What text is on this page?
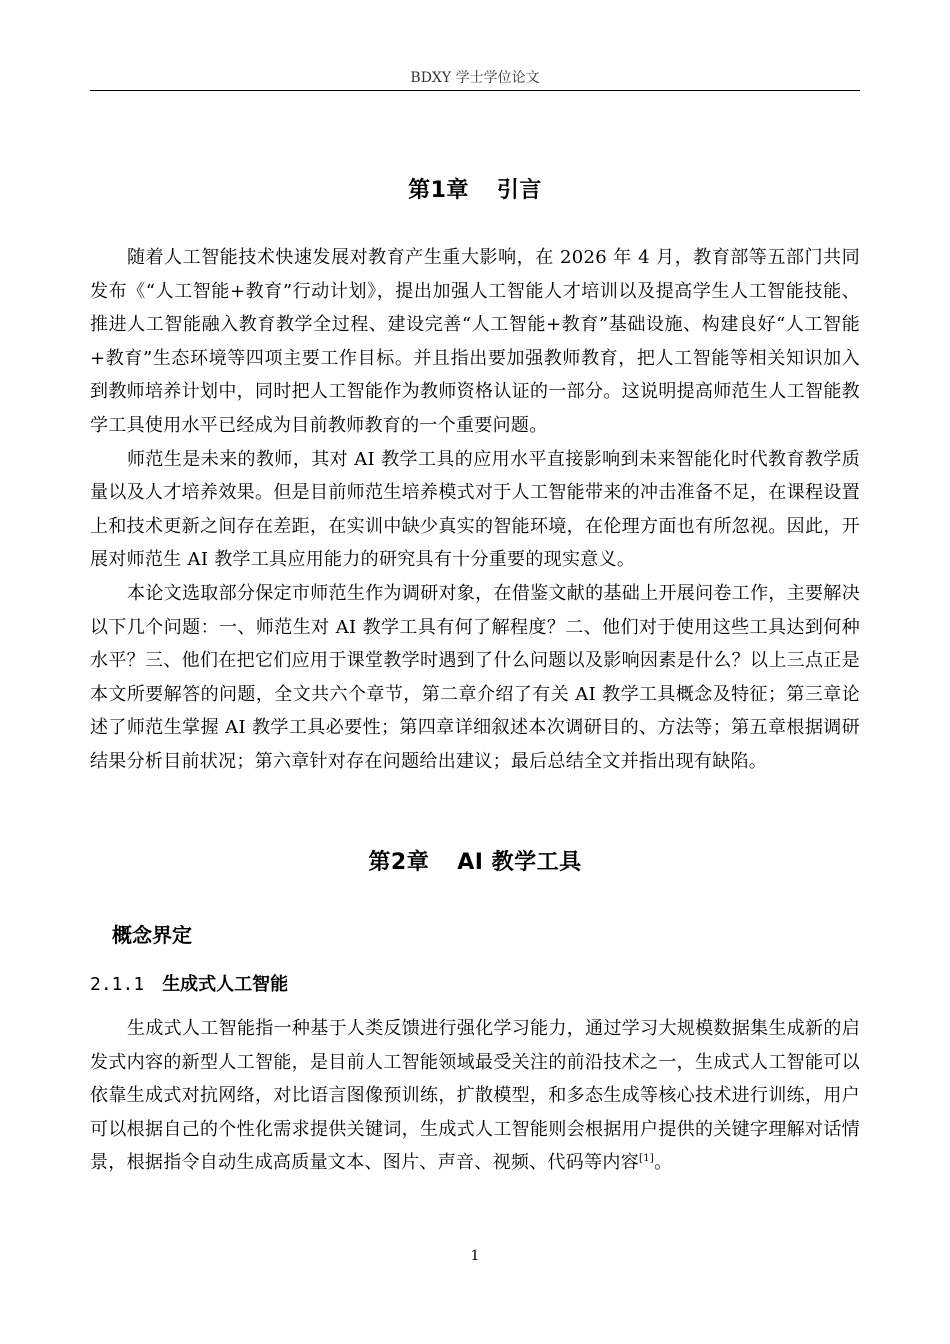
BDXY 学士学位论文
第1章 引言

随着人工智能技术快速发展对教育产生重大影响，在 2026 年 4 月，教育部等五部门共同发布《“人工智能+教育”行动计划》，提出加强人工智能人才培训以及提高学生人工智能技能、推进人工智能融入教育教学全过程、建设完善“人工智能+教育”基础设施、构建良好“人工智能+教育”生态环境等四项主要工作目标。并且指出要加强教师教育，把人工智能等相关知识加入到教师培养计划中，同时把人工智能作为教师资格认证的一部分。这说明提高师范生人工智能教学工具使用水平已经成为目前教师教育的一个重要问题。

师范生是未来的教师，其对 AI 教学工具的应用水平直接影响到未来智能化时代教育教学质量以及人才培养效果。但是目前师范生培养模式对于人工智能带来的冲击准备不足，在课程设置上和技术更新之间存在差距，在实训中缺少真实的智能环境，在伦理方面也有所忽视。因此，开展对师范生 AI 教学工具应用能力的研究具有十分重要的现实意义。

本论文选取部分保定市师范生作为调研对象，在借鉴文献的基础上开展问卷工作，主要解决以下几个问题：一、师范生对 AI 教学工具有何了解程度？二、他们对于使用这些工具达到何种水平？三、他们在把它们应用于课堂教学时遇到了什么问题以及影响因素是什么？以上三点正是本文所要解答的问题，全文共六个章节，第二章介绍了有关 AI 教学工具概念及特征；第三章论述了师范生掌握 AI 教学工具必要性；第四章详细叙述本次调研目的、方法等；第五章根据调研结果分析目前状况；第六章针对存在问题给出建议；最后总结全文并指出现有缺陷。

第2章 AI 教学工具
概念界定
2.1.1 生成式人工智能

生成式人工智能指一种基于人类反馈进行强化学习能力，通过学习大规模数据集生成新的启发式内容的新型人工智能，是目前人工智能领域最受关注的前沿技术之一，生成式人工智能可以依靠生成式对抗网络，对比语言图像预训练，扩散模型，和多态生成等核心技术进行训练，用户可以根据自己的个性化需求提供关键词，生成式人工智能则会根据用户提供的关键字理解对话情景，根据指令自动生成高质量文本、图片、声音、视频、代码等内容[1]。

1
